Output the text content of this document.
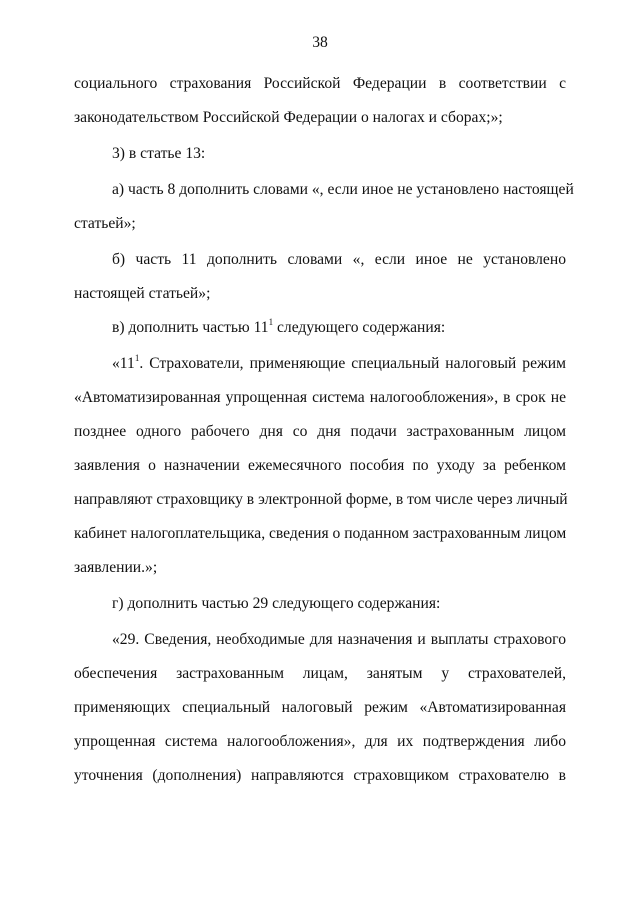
38
социального страхования Российской Федерации в соответствии с
законодательством Российской Федерации о налогах и сборах;»;
3) в статье 13:
а) часть 8 дополнить словами «, если иное не установлено настоящей
статьей»;
б) часть 11 дополнить словами «, если иное не установлено
настоящей статьей»;
в) дополнить частью $11^1$ следующего содержания:
«$11^1$. Страхователи, применяющие специальный налоговый режим
«Автоматизированная упрощенная система налогообложения», в срок не
позднее одного рабочего дня со дня подачи застрахованным лицом
заявления о назначении ежемесячного пособия по уходу за ребенком
направляют страховщику в электронной форме, в том числе через личный
кабинет налогоплательщика, сведения о поданном застрахованным лицом
заявлении.»;
г) дополнить частью 29 следующего содержания:
«29. Сведения, необходимые для назначения и выплаты страхового
обеспечения застрахованным лицам, занятым у страхователей,
применяющих специальный налоговый режим «Автоматизированная
упрощенная система налогообложения», для их подтверждения либо
уточнения (дополнения) направляются страховщиком страхователю в
